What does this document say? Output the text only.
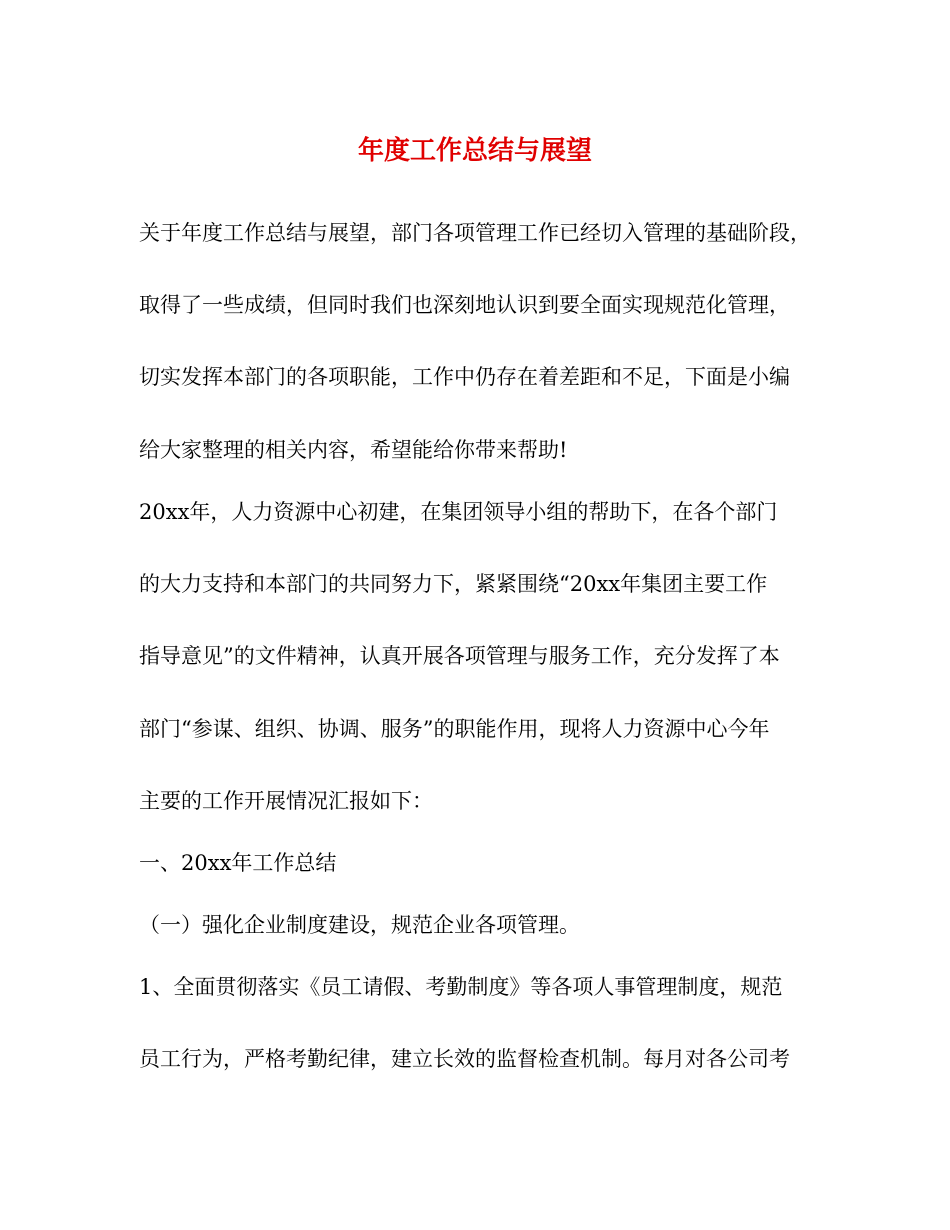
年度工作总结与展望
关于年度工作总结与展望，部门各项管理工作已经切入管理的基础阶段，
取得了一些成绩，但同时我们也深刻地认识到要全面实现规范化管理，
切实发挥本部门的各项职能，工作中仍存在着差距和不足，下面是小编
给大家整理的相关内容，希望能给你带来帮助!
20xx年，人力资源中心初建，在集团领导小组的帮助下，在各个部门
的大力支持和本部门的共同努力下，紧紧围绕“20xx年集团主要工作
指导意见”的文件精神，认真开展各项管理与服务工作，充分发挥了本
部门“参谋、组织、协调、服务”的职能作用，现将人力资源中心今年
主要的工作开展情况汇报如下：
一、20xx年工作总结
（一）强化企业制度建设，规范企业各项管理。
1、全面贯彻落实《员工请假、考勤制度》等各项人事管理制度，规范
员工行为，严格考勤纪律，建立长效的监督检查机制。每月对各公司考
